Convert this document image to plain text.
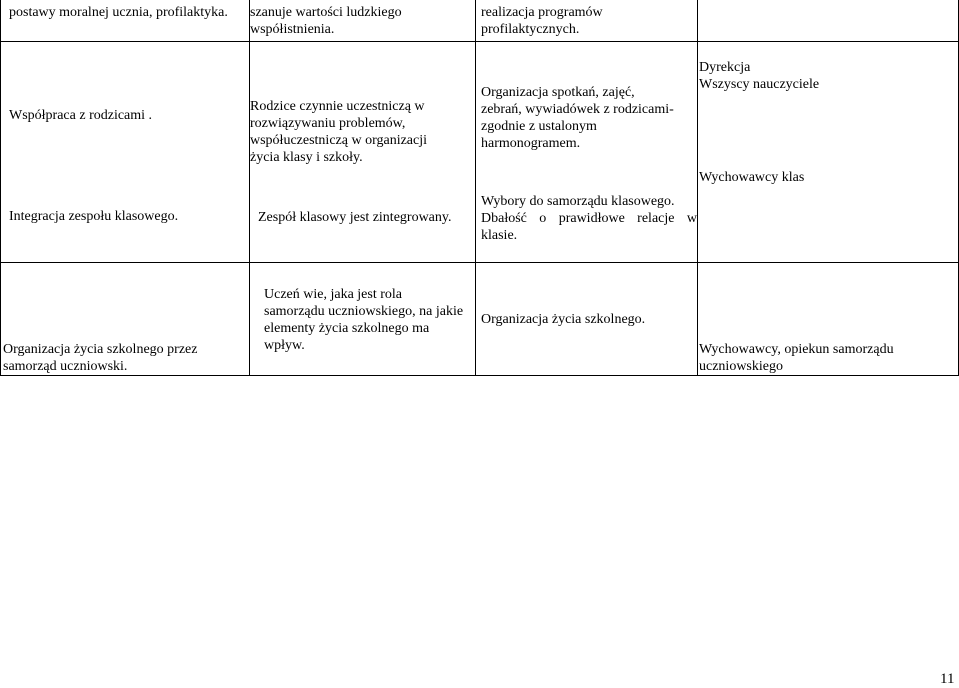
postawy moralnej ucznia, profilaktyka. szanuje wartości ludzkiego
współistnienia.
realizacja programów
profilaktycznych.
Współpraca z rodzicami .
Integracja zespołu klasowego.
Rodzice czynnie uczestniczą w
rozwiązywaniu problemów,
współuczestniczą w organizacji
życia klasy i szkoły.
Zespół klasowy jest zintegrowany.
Organizacja spotkań, zajęć,
zebrań, wywiadówek z rodzicami-
zgodnie z ustalonym
harmonogramem.
Wybory do samorządu klasowego.
Dbałość o prawidłowe relacje w
klasie.
Dyrekcja
Wszyscy nauczyciele
Wychowawcy klas
Organizacja życia szkolnego przez
samorząd uczniowski.
Uczeń wie, jaka jest rola
samorządu uczniowskiego, na jakie
elementy życia szkolnego ma
wpływ.
Organizacja życia szkolnego.
Wychowawcy, opiekun samorządu
uczniowskiego
11
